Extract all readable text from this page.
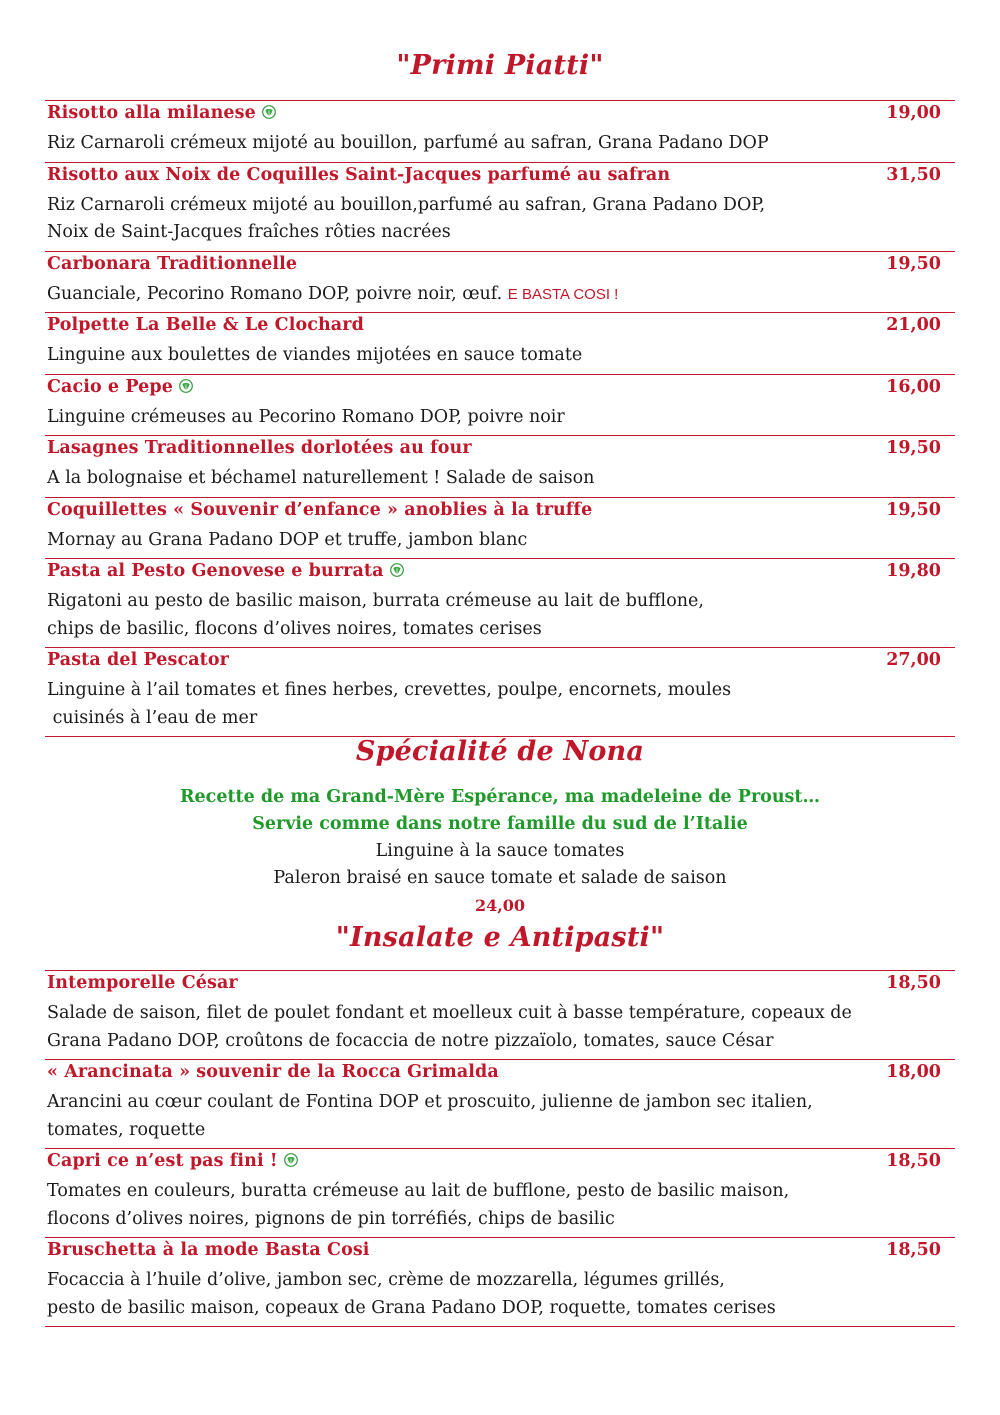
"Primi Piatti"
Risotto alla milanese	19,00
Riz Carnaroli crémeux mijoté au bouillon, parfumé au safran, Grana Padano DOP
Risotto aux Noix de Coquilles Saint-Jacques parfumé au safran	31,50
Riz Carnaroli crémeux mijoté au bouillon,parfumé au safran, Grana Padano DOP,
Noix de Saint-Jacques fraîches rôties nacrées
Carbonara Traditionnelle	19,50
Guanciale, Pecorino Romano DOP, poivre noir, œuf. E BASTA COSI !
Polpette La Belle & Le Clochard	21,00
Linguine aux boulettes de viandes mijotées en sauce tomate
Cacio e Pepe	16,00
Linguine crémeuses au Pecorino Romano DOP, poivre noir
Lasagnes Traditionnelles dorlotées au four	19,50
A la bolognaise et béchamel naturellement ! Salade de saison
Coquillettes « Souvenir d’enfance » anoblies à la truffe	19,50
Mornay au Grana Padano DOP et truffe, jambon blanc
Pasta al Pesto Genovese e burrata	19,80
Rigatoni au pesto de basilic maison, burrata crémeuse au lait de bufflone,
chips de basilic, flocons d’olives noires, tomates cerises
Pasta del Pescator	27,00
Linguine à l’ail tomates et fines herbes, crevettes, poulpe, encornets, moules
cuisinés à l’eau de mer
Spécialité de Nona
Recette de ma Grand-Mère Espérance, ma madeleine de Proust…
Servie comme dans notre famille du sud de l’Italie
Linguine à la sauce tomates
Paleron braisé en sauce tomate et salade de saison
24,00
"Insalate e Antipasti"
Intemporelle César	18,50
Salade de saison, filet de poulet fondant et moelleux cuit à basse température, copeaux de
Grana Padano DOP, croûtons de focaccia de notre pizzaïolo, tomates, sauce César
« Arancinata » souvenir de la Rocca Grimalda	18,00
Arancini au cœur coulant de Fontina DOP et proscuito, julienne de jambon sec italien,
tomates, roquette
Capri ce n’est pas fini !	18,50
Tomates en couleurs, buratta crémeuse au lait de bufflone, pesto de basilic maison,
flocons d’olives noires, pignons de pin torréfiés, chips de basilic
Bruschetta à la mode Basta Cosi	18,50
Focaccia à l’huile d’olive, jambon sec, crème de mozzarella, légumes grillés,
pesto de basilic maison, copeaux de Grana Padano DOP, roquette, tomates cerises
